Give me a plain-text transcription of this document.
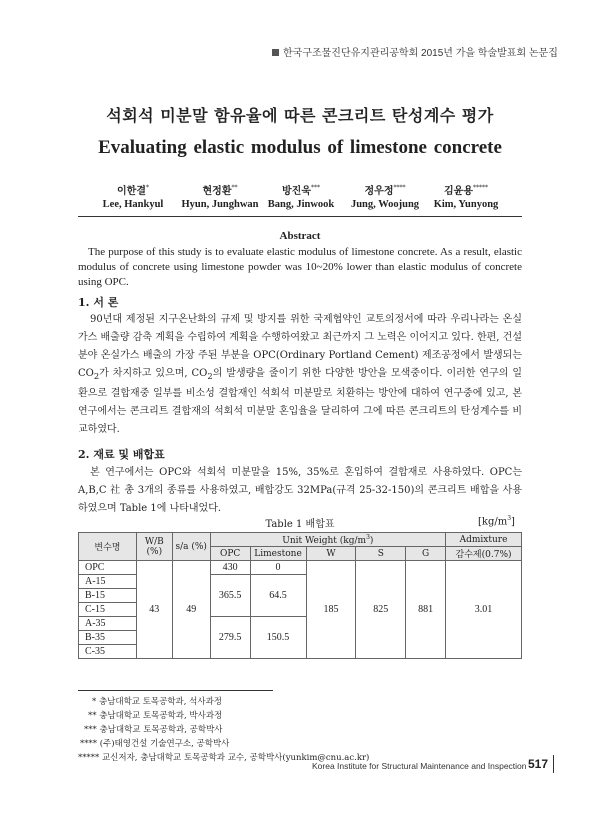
한국구조물진단유지관리공학회 2015년 가을 학술발표회 논문집
석회석 미분말 함유율에 따른 콘크리트 탄성계수 평가
Evaluating elastic modulus of limestone concrete
이한결*
Lee, Hankyul
현정환**
Hyun, Junghwan
방진욱***
Bang, Jinwook
정우정****
Jung, Woojung
김윤용*****
Kim, Yunyong
Abstract
The purpose of this study is to evaluate elastic modulus of limestone concrete. As a result, elastic modulus of concrete using limestone powder was 10~20% lower than elastic modulus of concrete using OPC.
1. 서 론
90년대 제정된 지구온난화의 규제 및 방지를 위한 국제협약인 교토의정서에 따라 우리나라는 온실가스 배출량 감축 계획을 수립하여 계획을 수행하여왔고 최근까지 그 노력은 이어지고 있다. 한편, 건설분야 온실가스 배출의 가장 주된 부분을 OPC(Ordinary Portland Cement) 제조공정에서 발생되는 $CO_2$가 차지하고 있으며, $CO_2$의 발생량을 줄이기 위한 다양한 방안을 모색중이다. 이러한 연구의 일환으로 결합재중 일부를 비소성 결합재인 석회석 미분말로 치환하는 방안에 대하여 연구중에 있고, 본 연구에서는 콘크리트 결합재의 석회석 미분말 혼입율을 달리하여 그에 따른 콘크리트의 탄성계수를 비교하였다.
2. 재료 및 배합표
본 연구에서는 OPC와 석회석 미분말을 15%, 35%로 혼입하여 결합재로 사용하였다. OPC는 A,B,C 社 총 3개의 종류를 사용하였고, 배합강도 32MPa(규격 25-32-150)의 콘크리트 배합을 사용하였으며 Table 1에 나타내었다.
Table 1 배합표	$[kg/m^3]$
변수명	W/B (%)	s/a (%)	Unit Weight $(kg/m^3)$					Admixture
			OPC	Limestone	W	S	G	감수제(0.7%)
OPC	43	49	430	0	185	825	881	3.01
A-15			365.5	64.5				
B-15								
C-15								
A-35			279.5	150.5				
B-35								
C-35								
* 충남대학교 토목공학과, 석사과정
** 충남대학교 토목공학과, 박사과정
*** 충남대학교 토목공학과, 공학박사
**** (주)태영건설 기술연구소, 공학박사
***** 교신저자, 충남대학교 토목공학과 교수, 공학박사(yunkim@cnu.ac.kr)
Korea Institute for Structural Maintenance and Inspection 517
